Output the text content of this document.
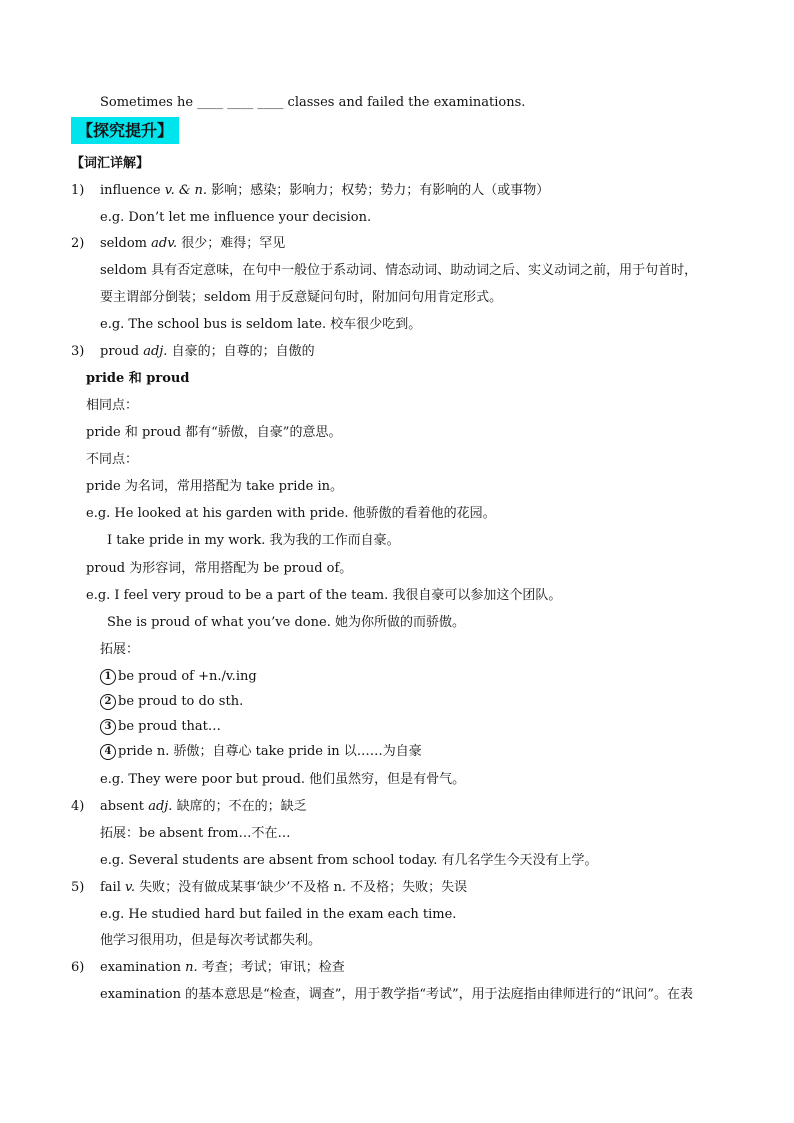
Sometimes he ____ ____ ____ classes and failed the examinations.
【探究提升】
【词汇详解】
1) influence v. & n. 影响；感染；影响力；权势；势力；有影响的人（或事物）
e.g. Don’t let me influence your decision.
2) seldom adv. 很少；难得；罕见
seldom 具有否定意味，在句中一般位于系动词、情态动词、助动词之后、实义动词之前，用于句首时，
要主谓部分倒装；seldom 用于反意疑问句时，附加问句用肯定形式。
e.g. The school bus is seldom late. 校车很少吃到。
3) proud adj. 自豪的；自尊的；自傲的
pride 和 proud
相同点：
pride 和 proud 都有“骄傲，自豪”的意思。
不同点：
pride 为名词，常用搭配为 take pride in。
e.g. He looked at his garden with pride. 他骄傲的看着他的花园。
I take pride in my work. 我为我的工作而自豪。
proud 为形容词，常用搭配为 be proud of。
e.g. I feel very proud to be a part of the team. 我很自豪可以参加这个团队。
She is proud of what you’ve done. 她为你所做的而骄傲。
拓展：
1 be proud of +n./v.ing
2 be proud to do sth.
3 be proud that…
4 pride n. 骄傲；自尊心 take pride in 以……为自豪
e.g. They were poor but proud. 他们虽然穷，但是有骨气。
4) absent adj. 缺席的；不在的；缺乏
拓展：be absent from…不在…
e.g. Several students are absent from school today. 有几名学生今天没有上学。
5) fail v. 失败；没有做成某事‘缺少’不及格 n. 不及格；失败；失误
e.g. He studied hard but failed in the exam each time.
他学习很用功，但是每次考试都失利。
6) examination n. 考查；考试；审讯；检查
examination 的基本意思是“检查，调查”，用于教学指“考试”，用于法庭指由律师进行的“讯问”。在表
